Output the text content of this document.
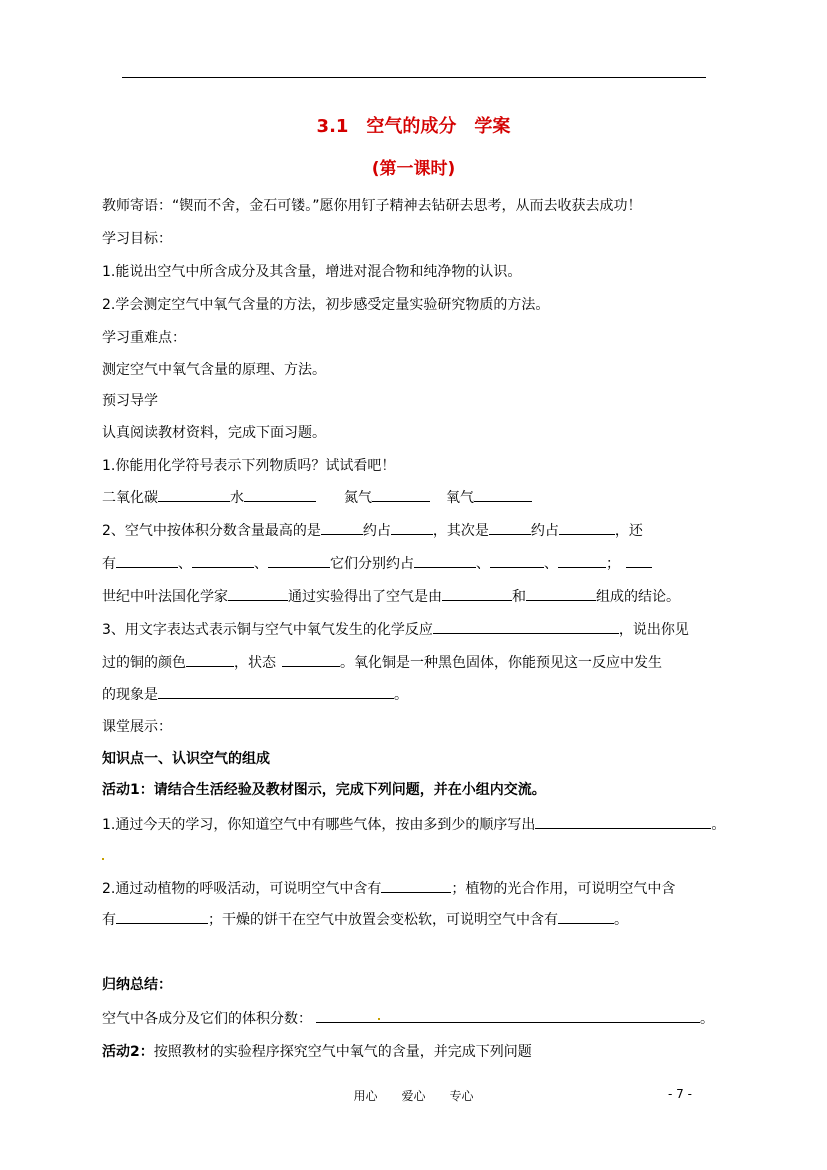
3.1　空气的成分　学案
(第一课时)
教师寄语：“锲而不舍，金石可镂。”愿你用钉子精神去钻研去思考，从而去收获去成功！
学习目标：
1.能说出空气中所含成分及其含量，增进对混合物和纯净物的认识。
2.学会测定空气中氧气含量的方法，初步感受定量实验研究物质的方法。
学习重难点：
测定空气中氧气含量的原理、方法。
预习导学
认真阅读教材资料，完成下面习题。
1.你能用化学符号表示下列物质吗？试试看吧！
二氧化碳	水	氮气	氧气
2、空气中按体积分数含量最高的是	约占	，其次是	约占	，还
有	、	、	它们分别约占	、	、	；
世纪中叶法国化学家	通过实验得出了空气是由	和	组成的结论。
3、用文字表达式表示铜与空气中氧气发生的化学反应	，说出你见
过的铜的颜色	，状态	。氧化铜是一种黑色固体，你能预见这一反应中发生
的现象是	。
课堂展示：
知识点一、认识空气的组成
活动1：请结合生活经验及教材图示，完成下列问题，并在小组内交流。
1.通过今天的学习，你知道空气中有哪些气体，按由多到少的顺序写出	。
2.通过动植物的呼吸活动，可说明空气中含有	；植物的光合作用，可说明空气中含
有	；干燥的饼干在空气中放置会变松软，可说明空气中含有	。
归纳总结：
空气中各成分及它们的体积分数：	。
活动2：按照教材的实验程序探究空气中氧气的含量，并完成下列问题
用心　　爱心　　专心	- 7 -
